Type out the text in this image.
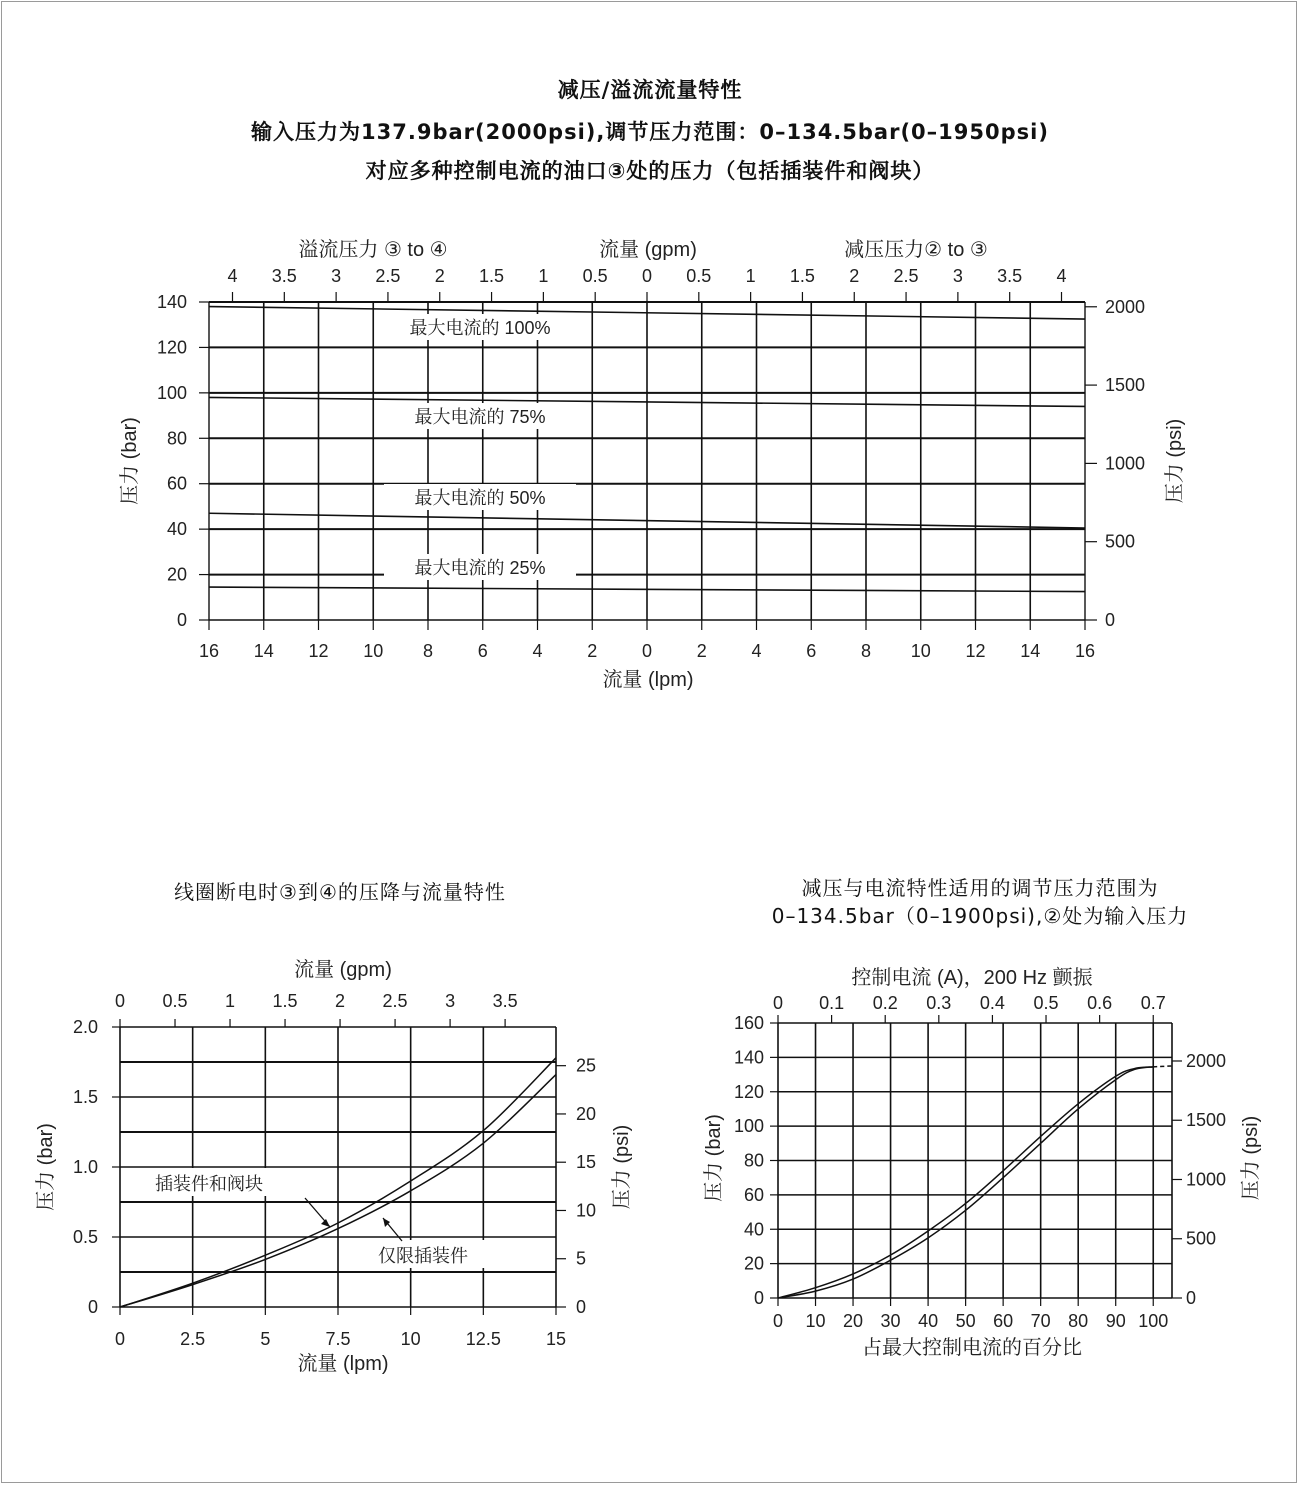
减压/溢流流量特性
输入压力为137.9bar(2000psi),调节压力范围：0–134.5bar(0–1950psi)
对应多种控制电流的油口③处的压力（包括插装件和阀块）
线圈断电时③到④的压降与流量特性	减压与电流特性适用的调节压力范围为
0–134.5bar（0–1900psi),②处为输入压力
0
20
40
60
80
100
120
140
16 14 12 10 8 6 4 2 0 2 4 6 8 10 12 14 16
4 3.5 3 2.5 2 1.5 1 0.5 0 0.5 1 1.5 2 2.5 3 3.5 4
0
500
1000
1500
2000
最大电流的 100%
最大电流的 75%
最大电流的 50%
最大电流的 25%
流量 (lpm)
溢流压力 ③ to ④	流量 (gpm)	减压压力② to ③
压力 (bar)	压力 (psi)
0
0.5
1.0
1.5
2.0
0	2.5	5	7.5	10	12.5	15
0 0.5 1 1.5 2 2.5 3 3.5
0
5
10
15
20
25
插装件和阀块
仅限插装件
流量 (gpm)
流量 (lpm)
压力 (bar)	压力 (psi)
0
20
40
60
80
100
120
140
160
0 10 20 30 40 50 60 70 80 90 100
0 0.1 0.2 0.3 0.4 0.5 0.6 0.7
0
500
1000
1500
2000
控制电流 (A)，200 Hz 颤振
占最大控制电流的百分比
压力 (bar)	压力 (psi)
